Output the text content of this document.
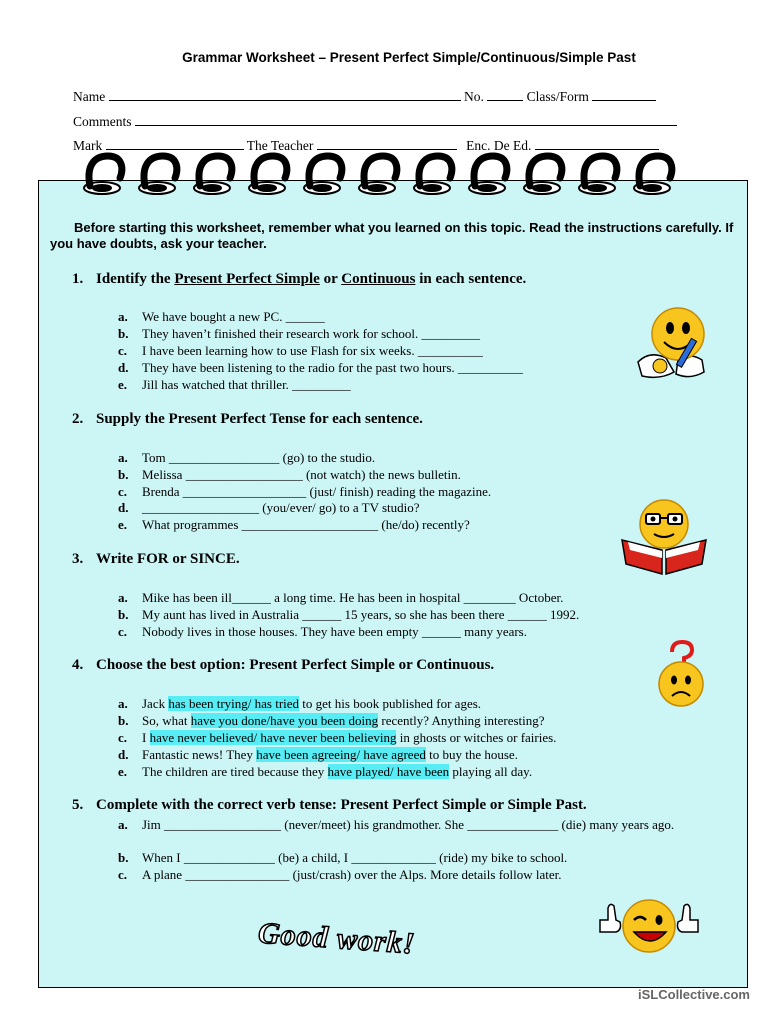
Grammar Worksheet – Present Perfect Simple/Continuous/Simple Past
Name	No.	Class/Form
Comments
Mark	The Teacher	Enc. De Ed.
Before starting this worksheet, remember what you learned on this topic. Read the instructions carefully. If you have doubts, ask your teacher.
1. Identify the Present Perfect Simple or Continuous in each sentence.
a.	We have bought a new PC. ______
b.	They haven’t finished their research work for school. _________
c.	I have been learning how to use Flash for six weeks. __________
d.	They have been listening to the radio for the past two hours. __________
e.	Jill has watched that thriller. _________
2. Supply the Present Perfect Tense for each sentence.
a.	Tom _________________ (go) to the studio.
b.	Melissa __________________ (not watch) the news bulletin.
c.	Brenda ___________________ (just/ finish) reading the magazine.
d.	__________________ (you/ever/ go) to a TV studio?
e.	What programmes _____________________ (he/do) recently?
3. Write FOR or SINCE.
a.	Mike has been ill______ a long time. He has been in hospital ________ October.
b.	My aunt has lived in Australia ______ 15 years, so she has been there ______ 1992.
c.	Nobody lives in those houses. They have been empty ______ many years.
4. Choose the best option: Present Perfect Simple or Continuous.
a.	Jack has been trying/ has tried to get his book published for ages.
b.	So, what have you done/have you been doing recently? Anything interesting?
c.	I have never believed/ have never been believing in ghosts or witches or fairies.
d.	Fantastic news! They have been agreeing/ have agreed to buy the house.
e.	The children are tired because they have played/ have been playing all day.
5. Complete with the correct verb tense: Present Perfect Simple or Simple Past.
a.	Jim __________________ (never/meet) his grandmother. She ______________ (die) many years ago.
b.	When I ______________ (be) a child, I _____________ (ride) my bike to school.
c.	A plane ________________ (just/crash) over the Alps. More details follow later.
Good work!
iSLCollective.com
